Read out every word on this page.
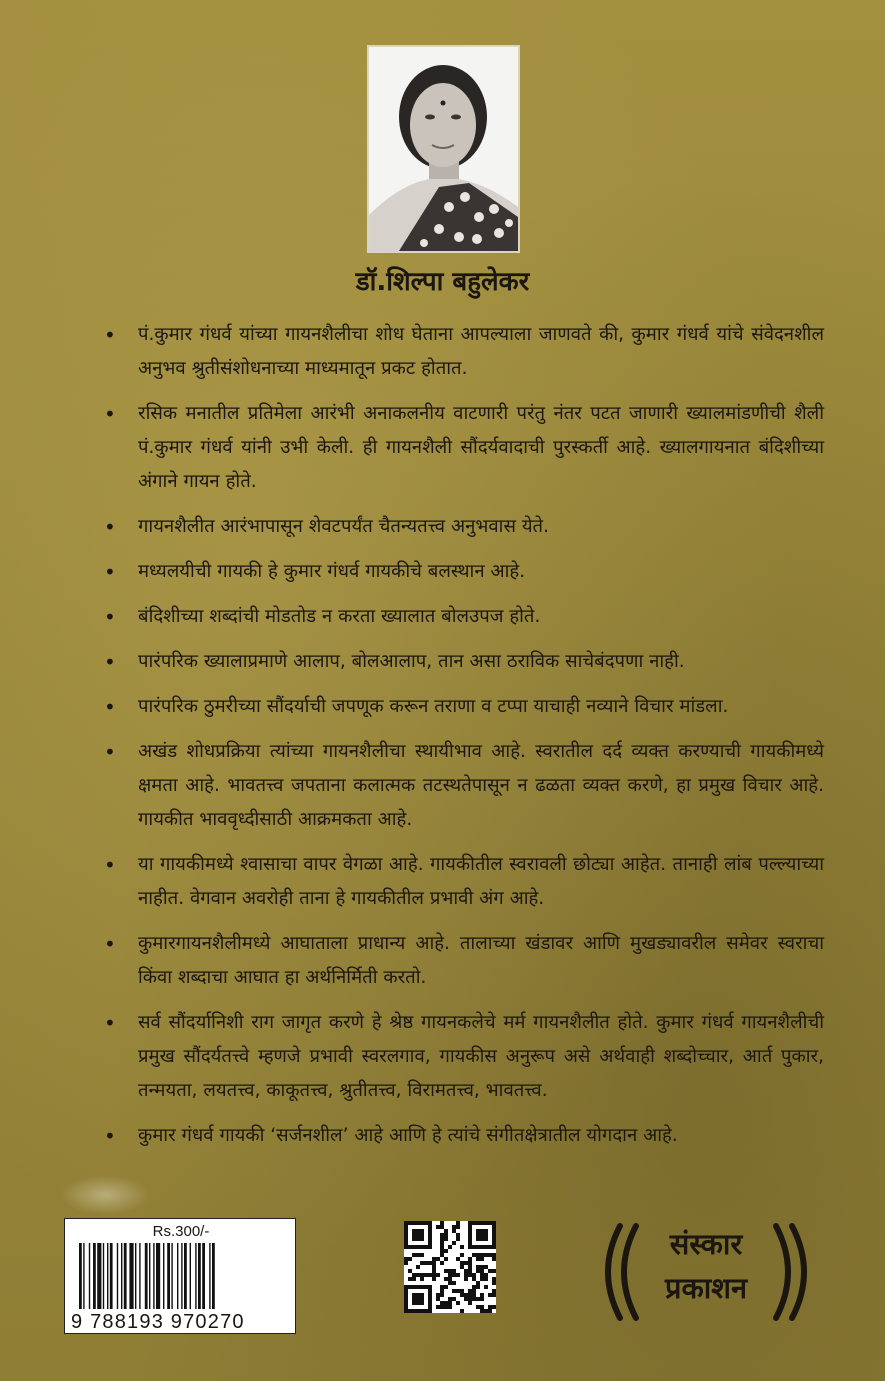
डॉ.शिल्पा बहुलेकर
• पं.कुमार गंधर्व यांच्या गायनशैलीचा शोध घेताना आपल्याला जाणवते की, कुमार गंधर्व यांचे संवेदनशील अनुभव श्रुतीसंशोधनाच्या माध्यमातून प्रकट होतात.
• रसिक मनातील प्रतिमेला आरंभी अनाकलनीय वाटणारी परंतु नंतर पटत जाणारी ख्यालमांडणीची शैली पं.कुमार गंधर्व यांनी उभी केली. ही गायनशैली सौंदर्यवादाची पुरस्कर्ती आहे. ख्यालगायनात बंदिशीच्या अंगाने गायन होते.
• गायनशैलीत आरंभापासून शेवटपर्यंत चैतन्यतत्त्व अनुभवास येते.
• मध्यलयीची गायकी हे कुमार गंधर्व गायकीचे बलस्थान आहे.
• बंदिशीच्या शब्दांची मोडतोड न करता ख्यालात बोलउपज होते.
• पारंपरिक ख्यालाप्रमाणे आलाप, बोलआलाप, तान असा ठराविक साचेबंदपणा नाही.
• पारंपरिक ठुमरीच्या सौंदर्याची जपणूक करून तराणा व टप्पा याचाही नव्याने विचार मांडला.
• अखंड शोधप्रक्रिया त्यांच्या गायनशैलीचा स्थायीभाव आहे. स्वरातील दर्द व्यक्त करण्याची गायकीमध्ये क्षमता आहे. भावतत्त्व जपताना कलात्मक तटस्थतेपासून न ढळता व्यक्त करणे, हा प्रमुख विचार आहे. गायकीत भाववृध्दीसाठी आक्रमकता आहे.
• या गायकीमध्ये श्वासाचा वापर वेगळा आहे. गायकीतील स्वरावली छोट्या आहेत. तानाही लांब पल्ल्याच्या नाहीत. वेगवान अवरोही ताना हे गायकीतील प्रभावी अंग आहे.
• कुमारगायनशैलीमध्ये आघाताला प्राधान्य आहे. तालाच्या खंडावर आणि मुखड्यावरील समेवर स्वराचा किंवा शब्दाचा आघात हा अर्थनिर्मिती करतो.
• सर्व सौंदर्यानिशी राग जागृत करणे हे श्रेष्ठ गायनकलेचे मर्म गायनशैलीत होते. कुमार गंधर्व गायनशैलीची प्रमुख सौंदर्यतत्त्वे म्हणजे प्रभावी स्वरलगाव, गायकीस अनुरूप असे अर्थवाही शब्दोच्चार, आर्त पुकार, तन्मयता, लयतत्त्व, काकूतत्त्व, श्रुतीतत्त्व, विरामतत्त्व, भावतत्त्व.
• कुमार गंधर्व गायकी ‘सर्जनशील’ आहे आणि हे त्यांचे संगीतक्षेत्रातील योगदान आहे.
Rs.300/-
9 788193 970270
संस्कार
प्रकाशन
